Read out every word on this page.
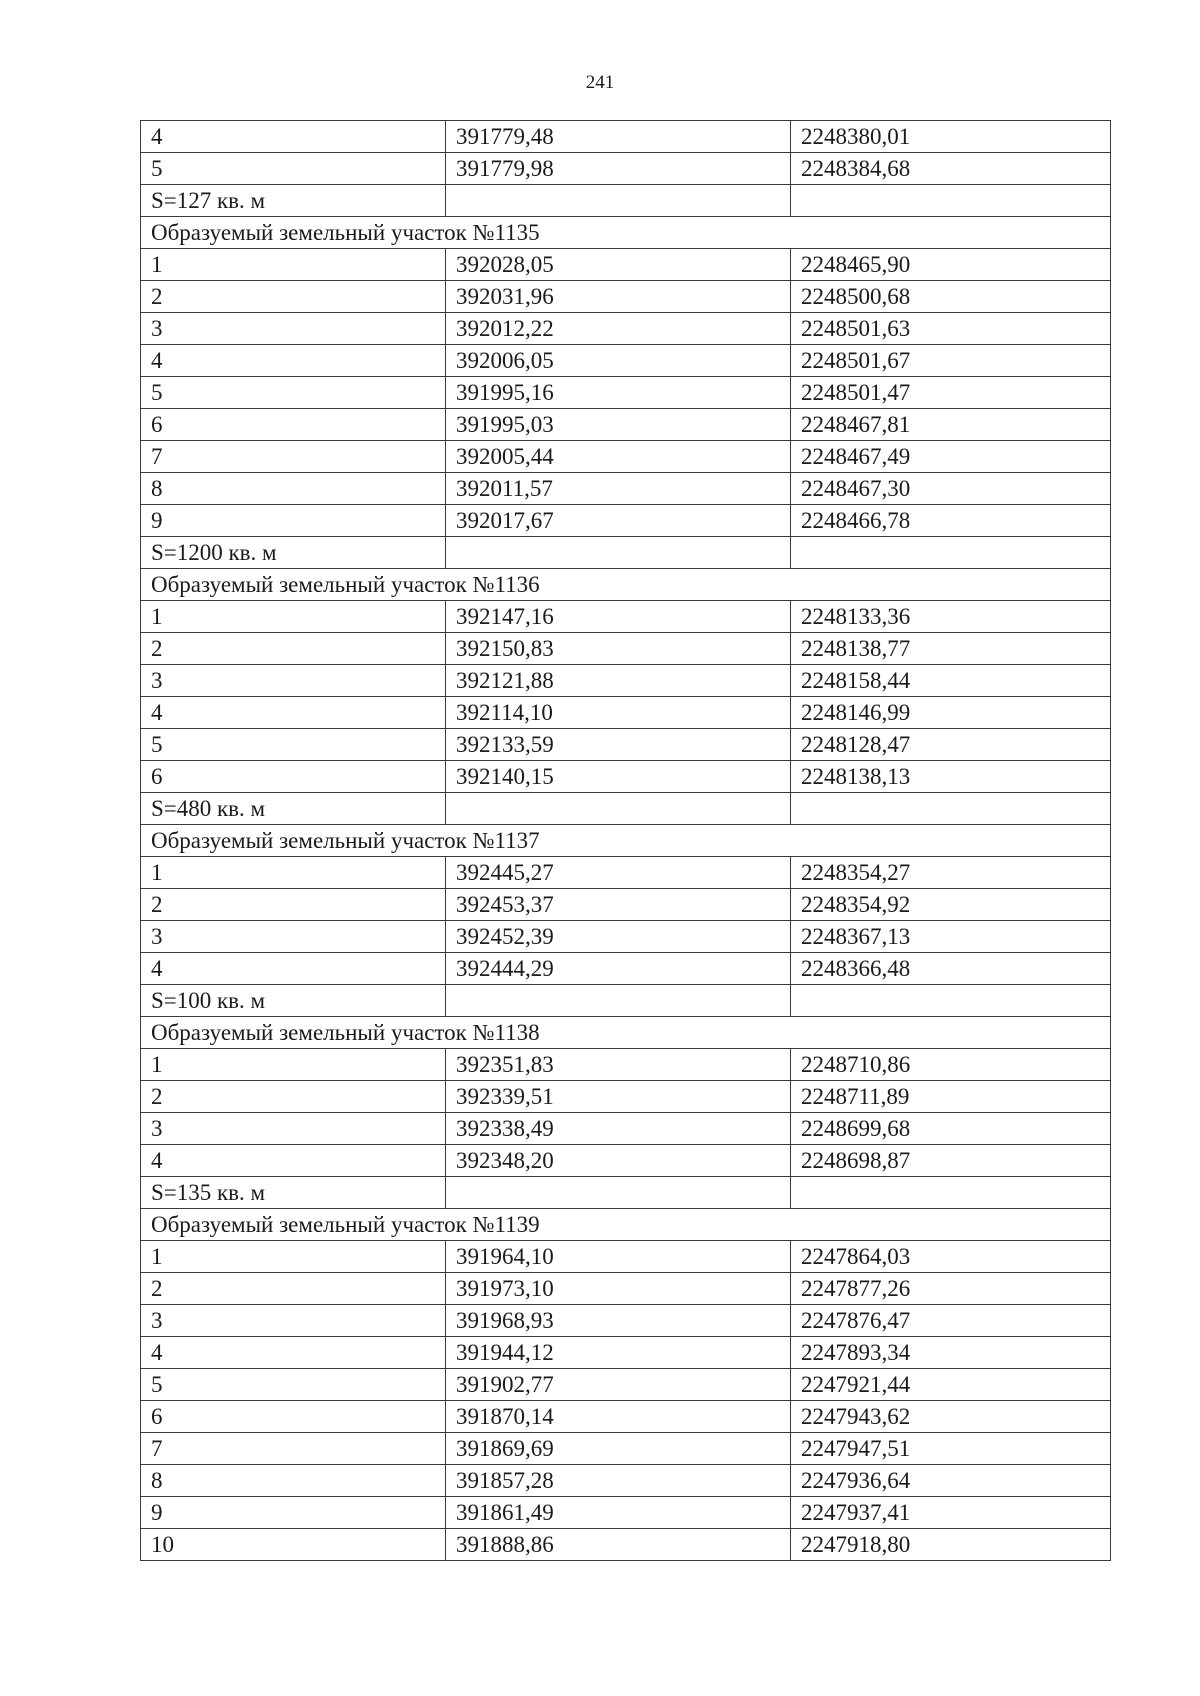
241
4	391779,48	2248380,01
5	391779,98	2248384,68
S=127 кв. м		
Образуемый земельный участок №1135		
1	392028,05	2248465,90
2	392031,96	2248500,68
3	392012,22	2248501,63
4	392006,05	2248501,67
5	391995,16	2248501,47
6	391995,03	2248467,81
7	392005,44	2248467,49
8	392011,57	2248467,30
9	392017,67	2248466,78
S=1200 кв. м		
Образуемый земельный участок №1136		
1	392147,16	2248133,36
2	392150,83	2248138,77
3	392121,88	2248158,44
4	392114,10	2248146,99
5	392133,59	2248128,47
6	392140,15	2248138,13
S=480 кв. м		
Образуемый земельный участок №1137		
1	392445,27	2248354,27
2	392453,37	2248354,92
3	392452,39	2248367,13
4	392444,29	2248366,48
S=100 кв. м		
Образуемый земельный участок №1138		
1	392351,83	2248710,86
2	392339,51	2248711,89
3	392338,49	2248699,68
4	392348,20	2248698,87
S=135 кв. м		
Образуемый земельный участок №1139		
1	391964,10	2247864,03
2	391973,10	2247877,26
3	391968,93	2247876,47
4	391944,12	2247893,34
5	391902,77	2247921,44
6	391870,14	2247943,62
7	391869,69	2247947,51
8	391857,28	2247936,64
9	391861,49	2247937,41
10	391888,86	2247918,80
